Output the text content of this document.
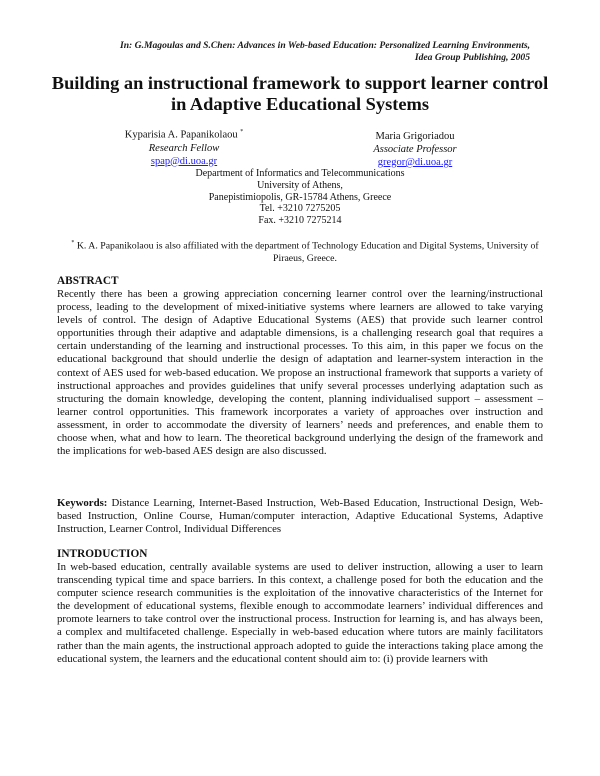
In: G.Magoulas and S.Chen: Advances in Web-based Education: Personalized Learning Environments,
Idea Group Publishing, 2005
Building an instructional framework to support learner control
in Adaptive Educational Systems
Kyparisia A. Papanikolaou *
Research Fellow
spap@di.uoa.gr
Maria Grigoriadou
Associate Professor
gregor@di.uoa.gr
Department of Informatics and Telecommunications
University of Athens,
Panepistimiopolis, GR-15784 Athens, Greece
Tel. +3210 7275205
Fax. +3210 7275214
* K. A. Papanikolaou is also affiliated with the department of Technology Education and Digital Systems, University of Piraeus, Greece.
ABSTRACT
Recently there has been a growing appreciation concerning learner control over the learning/instructional process, leading to the development of mixed-initiative systems where learners are allowed to take varying levels of control. The design of Adaptive Educational Systems (AES) that provide such learner control opportunities through their adaptive and adaptable dimensions, is a challenging research goal that requires a certain understanding of the learning and instructional processes. To this aim, in this paper we focus on the educational background that should underlie the design of adaptation and learner-system interaction in the context of AES used for web-based education. We propose an instructional framework that supports a variety of instructional approaches and provides guidelines that unify several processes underlying adaptation such as structuring the domain knowledge, developing the content, planning individualised support – assessment – learner control opportunities. This framework incorporates a variety of approaches over instruction and assessment, in order to accommodate the diversity of learners’ needs and preferences, and enable them to choose when, what and how to learn. The theoretical background underlying the design of the framework and the implications for web-based AES design are also discussed.
Keywords: Distance Learning, Internet-Based Instruction, Web-Based Education, Instructional Design, Web-based Instruction, Online Course, Human/computer interaction, Adaptive Educational Systems, Adaptive Instruction, Learner Control, Individual Differences
INTRODUCTION
In web-based education, centrally available systems are used to deliver instruction, allowing a user to learn transcending typical time and space barriers. In this context, a challenge posed for both the education and the computer science research communities is the exploitation of the innovative characteristics of the Internet for the development of educational systems, flexible enough to accommodate learners’ individual differences and promote learners to take control over the instructional process. Instruction for learning is, and has always been, a complex and multifaceted challenge. Especially in web-based education where tutors are mainly facilitators rather than the main agents, the instructional approach adopted to guide the interactions taking place among the educational system, the learners and the educational content should aim to: (i) provide learners with
